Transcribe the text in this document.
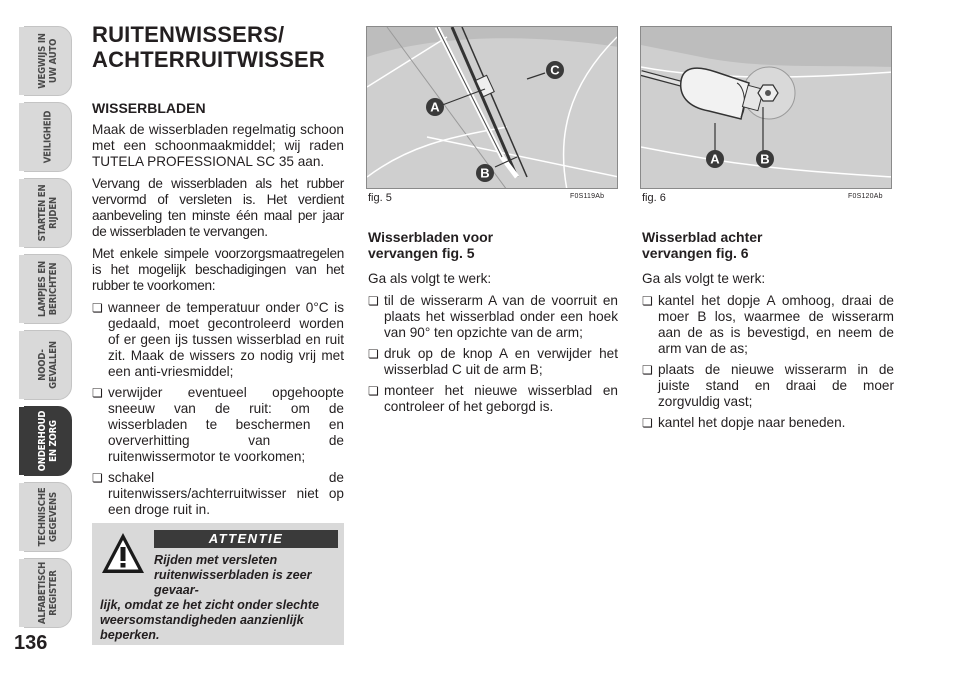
WEGWIJS IN
UW AUTO
VEILIGHEID
STARTEN EN
RIJDEN
LAMPJES EN
BERICHTEN
NOOD-
GEVALLEN
ONDERHOUD
EN ZORG
TECHNISCHE
GEGEVENS
ALFABETISCH
REGISTER
136
RUITENWISSERS/
ACHTERRUITWISSER
WISSERBLADEN

Maak de wisserbladen regelmatig schoon met een schoonmaakmiddel; wij raden TUTELA PROFESSIONAL SC 35 aan.

Vervang de wisserbladen als het rubber vervormd of versleten is. Het verdient aanbeveling ten minste één maal per jaar de wisserbladen te vervangen.

Met enkele simpele voorzorgsmaatregelen is het mogelijk beschadigingen van het rubber te voorkomen:

❏ wanneer de temperatuur onder 0°C is gedaald, moet gecontroleerd worden of er geen ijs tussen wisserblad en ruit zit. Maak de wissers zo nodig vrij met een anti-vriesmiddel;
❏ verwijder eventueel opgehoopte sneeuw van de ruit: om de wisserbladen te beschermen en oververhitting van de ruitenwissermotor te voorkomen;
❏ schakel de ruitenwissers/achterruitwisser niet op een droge ruit in.
ATTENTIE
Rijden met versleten ruitenwisserbladen is zeer gevaar-
lijk, omdat ze het zicht onder slechte weersomstandigheden aanzienlijk beperken.
A
B
C
fig. 5	F0S119Ab
A	B
fig. 6	F0S120Ab
Wisserbladen voor
vervangen fig. 5

Ga als volgt te werk:

❏ til de wisserarm A van de voorruit en plaats het wisserblad onder een hoek van 90° ten opzichte van de arm;
❏ druk op de knop A en verwijder het wisserblad C uit de arm B;
❏ monteer het nieuwe wisserblad en controleer of het geborgd is.
Wisserblad achter
vervangen fig. 6

Ga als volgt te werk:

❏ kantel het dopje A omhoog, draai de moer B los, waarmee de wisserarm aan de as is bevestigd, en neem de arm van de as;
❏ plaats de nieuwe wisserarm in de juiste stand en draai de moer zorgvuldig vast;
❏ kantel het dopje naar beneden.
